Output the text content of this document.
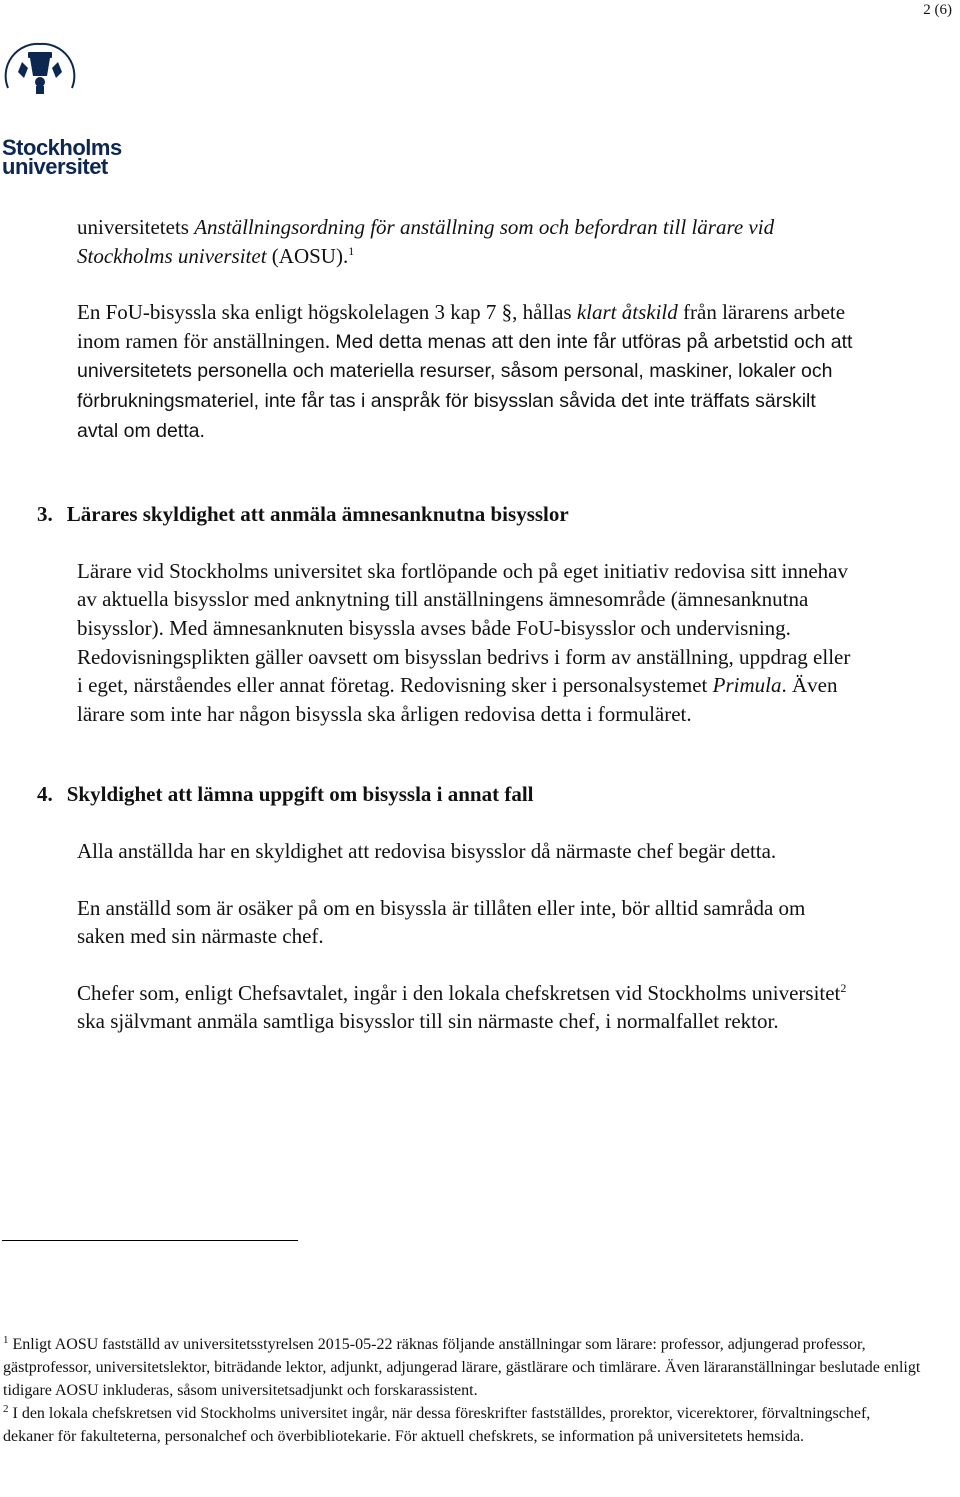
2 (6)
Stockholms
universitet

universitetets Anställningsordning för anställning som och befordran till lärare vid Stockholms universitet (AOSU).$^1$

En FoU-bisyssla ska enligt högskolelagen 3 kap 7 §, hållas klart åtskild från lärarens arbete inom ramen för anställningen. Med detta menas att den inte får utföras på arbetstid och att universitetets personella och materiella resurser, såsom personal, maskiner, lokaler och förbrukningsmateriel, inte får tas i anspråk för bisysslan såvida det inte träffats särskilt avtal om detta.

3. Lärares skyldighet att anmäla ämnesanknutna bisysslor

Lärare vid Stockholms universitet ska fortlöpande och på eget initiativ redovisa sitt innehav av aktuella bisysslor med anknytning till anställningens ämnesområde (ämnesanknutna bisysslor). Med ämnesanknuten bisyssla avses både FoU-bisysslor och undervisning. Redovisningsplikten gäller oavsett om bisysslan bedrivs i form av anställning, uppdrag eller i eget, närståendes eller annat företag. Redovisning sker i personalsystemet Primula. Även lärare som inte har någon bisyssla ska årligen redovisa detta i formuläret.

4. Skyldighet att lämna uppgift om bisyssla i annat fall

Alla anställda har en skyldighet att redovisa bisysslor då närmaste chef begär detta.

En anställd som är osäker på om en bisyssla är tillåten eller inte, bör alltid samråda om saken med sin närmaste chef.

Chefer som, enligt Chefsavtalet, ingår i den lokala chefskretsen vid Stockholms universitet$^2$ ska självmant anmäla samtliga bisysslor till sin närmaste chef, i normalfallet rektor.

$^1$ Enligt AOSU fastställd av universitetsstyrelsen 2015-05-22 räknas följande anställningar som lärare: professor, adjungerad professor, gästprofessor, universitetslektor, biträdande lektor, adjunkt, adjungerad lärare, gästlärare och timlärare. Även läraranställningar beslutade enligt tidigare AOSU inkluderas, såsom universitetsadjunkt och forskarassistent.

$^2$ I den lokala chefskretsen vid Stockholms universitet ingår, när dessa föreskrifter fastställdes, prorektor, vicerektorer, förvaltningschef, dekaner för fakulteterna, personalchef och överbibliotekarie. För aktuell chefskrets, se information på universitetets hemsida.
